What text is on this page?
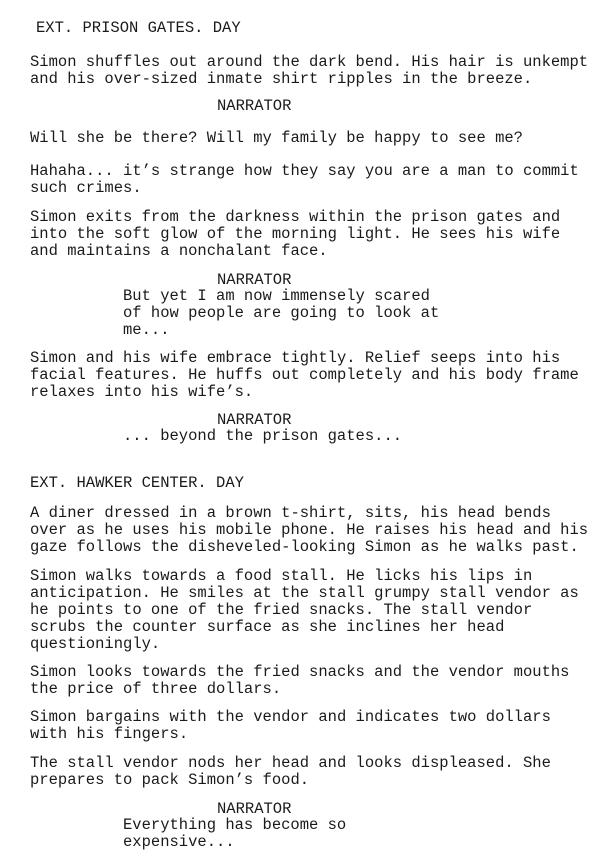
EXT. PRISON GATES. DAY
Simon shuffles out around the dark bend. His hair is unkempt
and his over-sized inmate shirt ripples in the breeze.
NARRATOR
Will she be there? Will my family be happy to see me?
Hahaha... it’s strange how they say you are a man to commit
such crimes.
Simon exits from the darkness within the prison gates and
into the soft glow of the morning light. He sees his wife
and maintains a nonchalant face.
NARRATOR
But yet I am now immensely scared
of how people are going to look at
me...
Simon and his wife embrace tightly. Relief seeps into his
facial features. He huffs out completely and his body frame
relaxes into his wife’s.
NARRATOR
... beyond the prison gates...
EXT. HAWKER CENTER. DAY
A diner dressed in a brown t-shirt, sits, his head bends
over as he uses his mobile phone. He raises his head and his
gaze follows the disheveled-looking Simon as he walks past.
Simon walks towards a food stall. He licks his lips in
anticipation. He smiles at the stall grumpy stall vendor as
he points to one of the fried snacks. The stall vendor
scrubs the counter surface as she inclines her head
questioningly.
Simon looks towards the fried snacks and the vendor mouths
the price of three dollars.
Simon bargains with the vendor and indicates two dollars
with his fingers.
The stall vendor nods her head and looks displeased. She
prepares to pack Simon’s food.
NARRATOR
Everything has become so
expensive...
